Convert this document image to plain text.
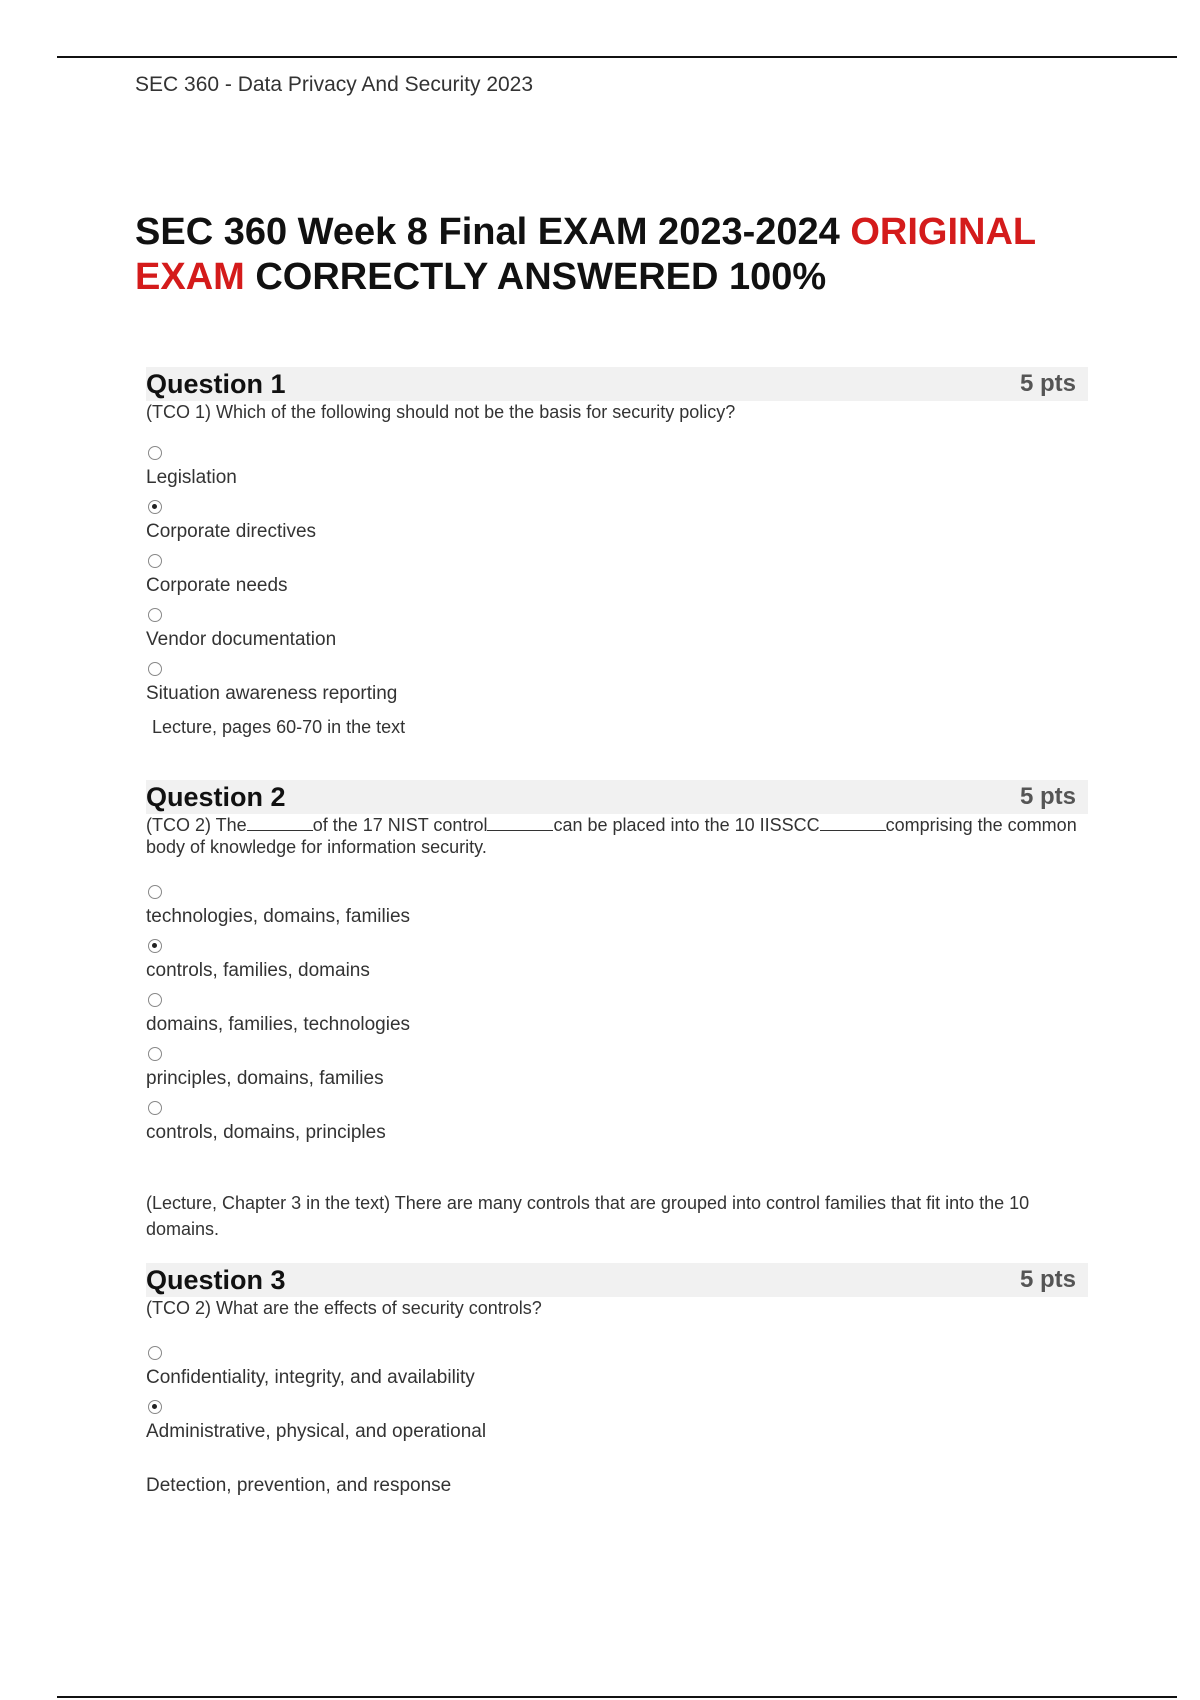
SEC 360 - Data Privacy And Security 2023
SEC 360 Week 8 Final EXAM 2023-2024 ORIGINAL
EXAM CORRECTLY ANSWERED 100%
Question 1	5 pts

(TCO 1) Which of the following should not be the basis for security policy?

Legislation
Corporate directives
Corporate needs
Vendor documentation
Situation awareness reporting
Lecture, pages 60-70 in the text
Question 2	5 pts

(TCO 2) The	of the 17 NIST control	can be placed into the 10 IISSCC	comprising the common body of knowledge for information security.

technologies, domains, families
controls, families, domains
domains, families, technologies
principles, domains, families
controls, domains, principles
(Lecture, Chapter 3 in the text) There are many controls that are grouped into control families that fit into the 10 domains.
Question 3	5 pts

(TCO 2) What are the effects of security controls?

Confidentiality, integrity, and availability
Administrative, physical, and operational
Detection, prevention, and response
